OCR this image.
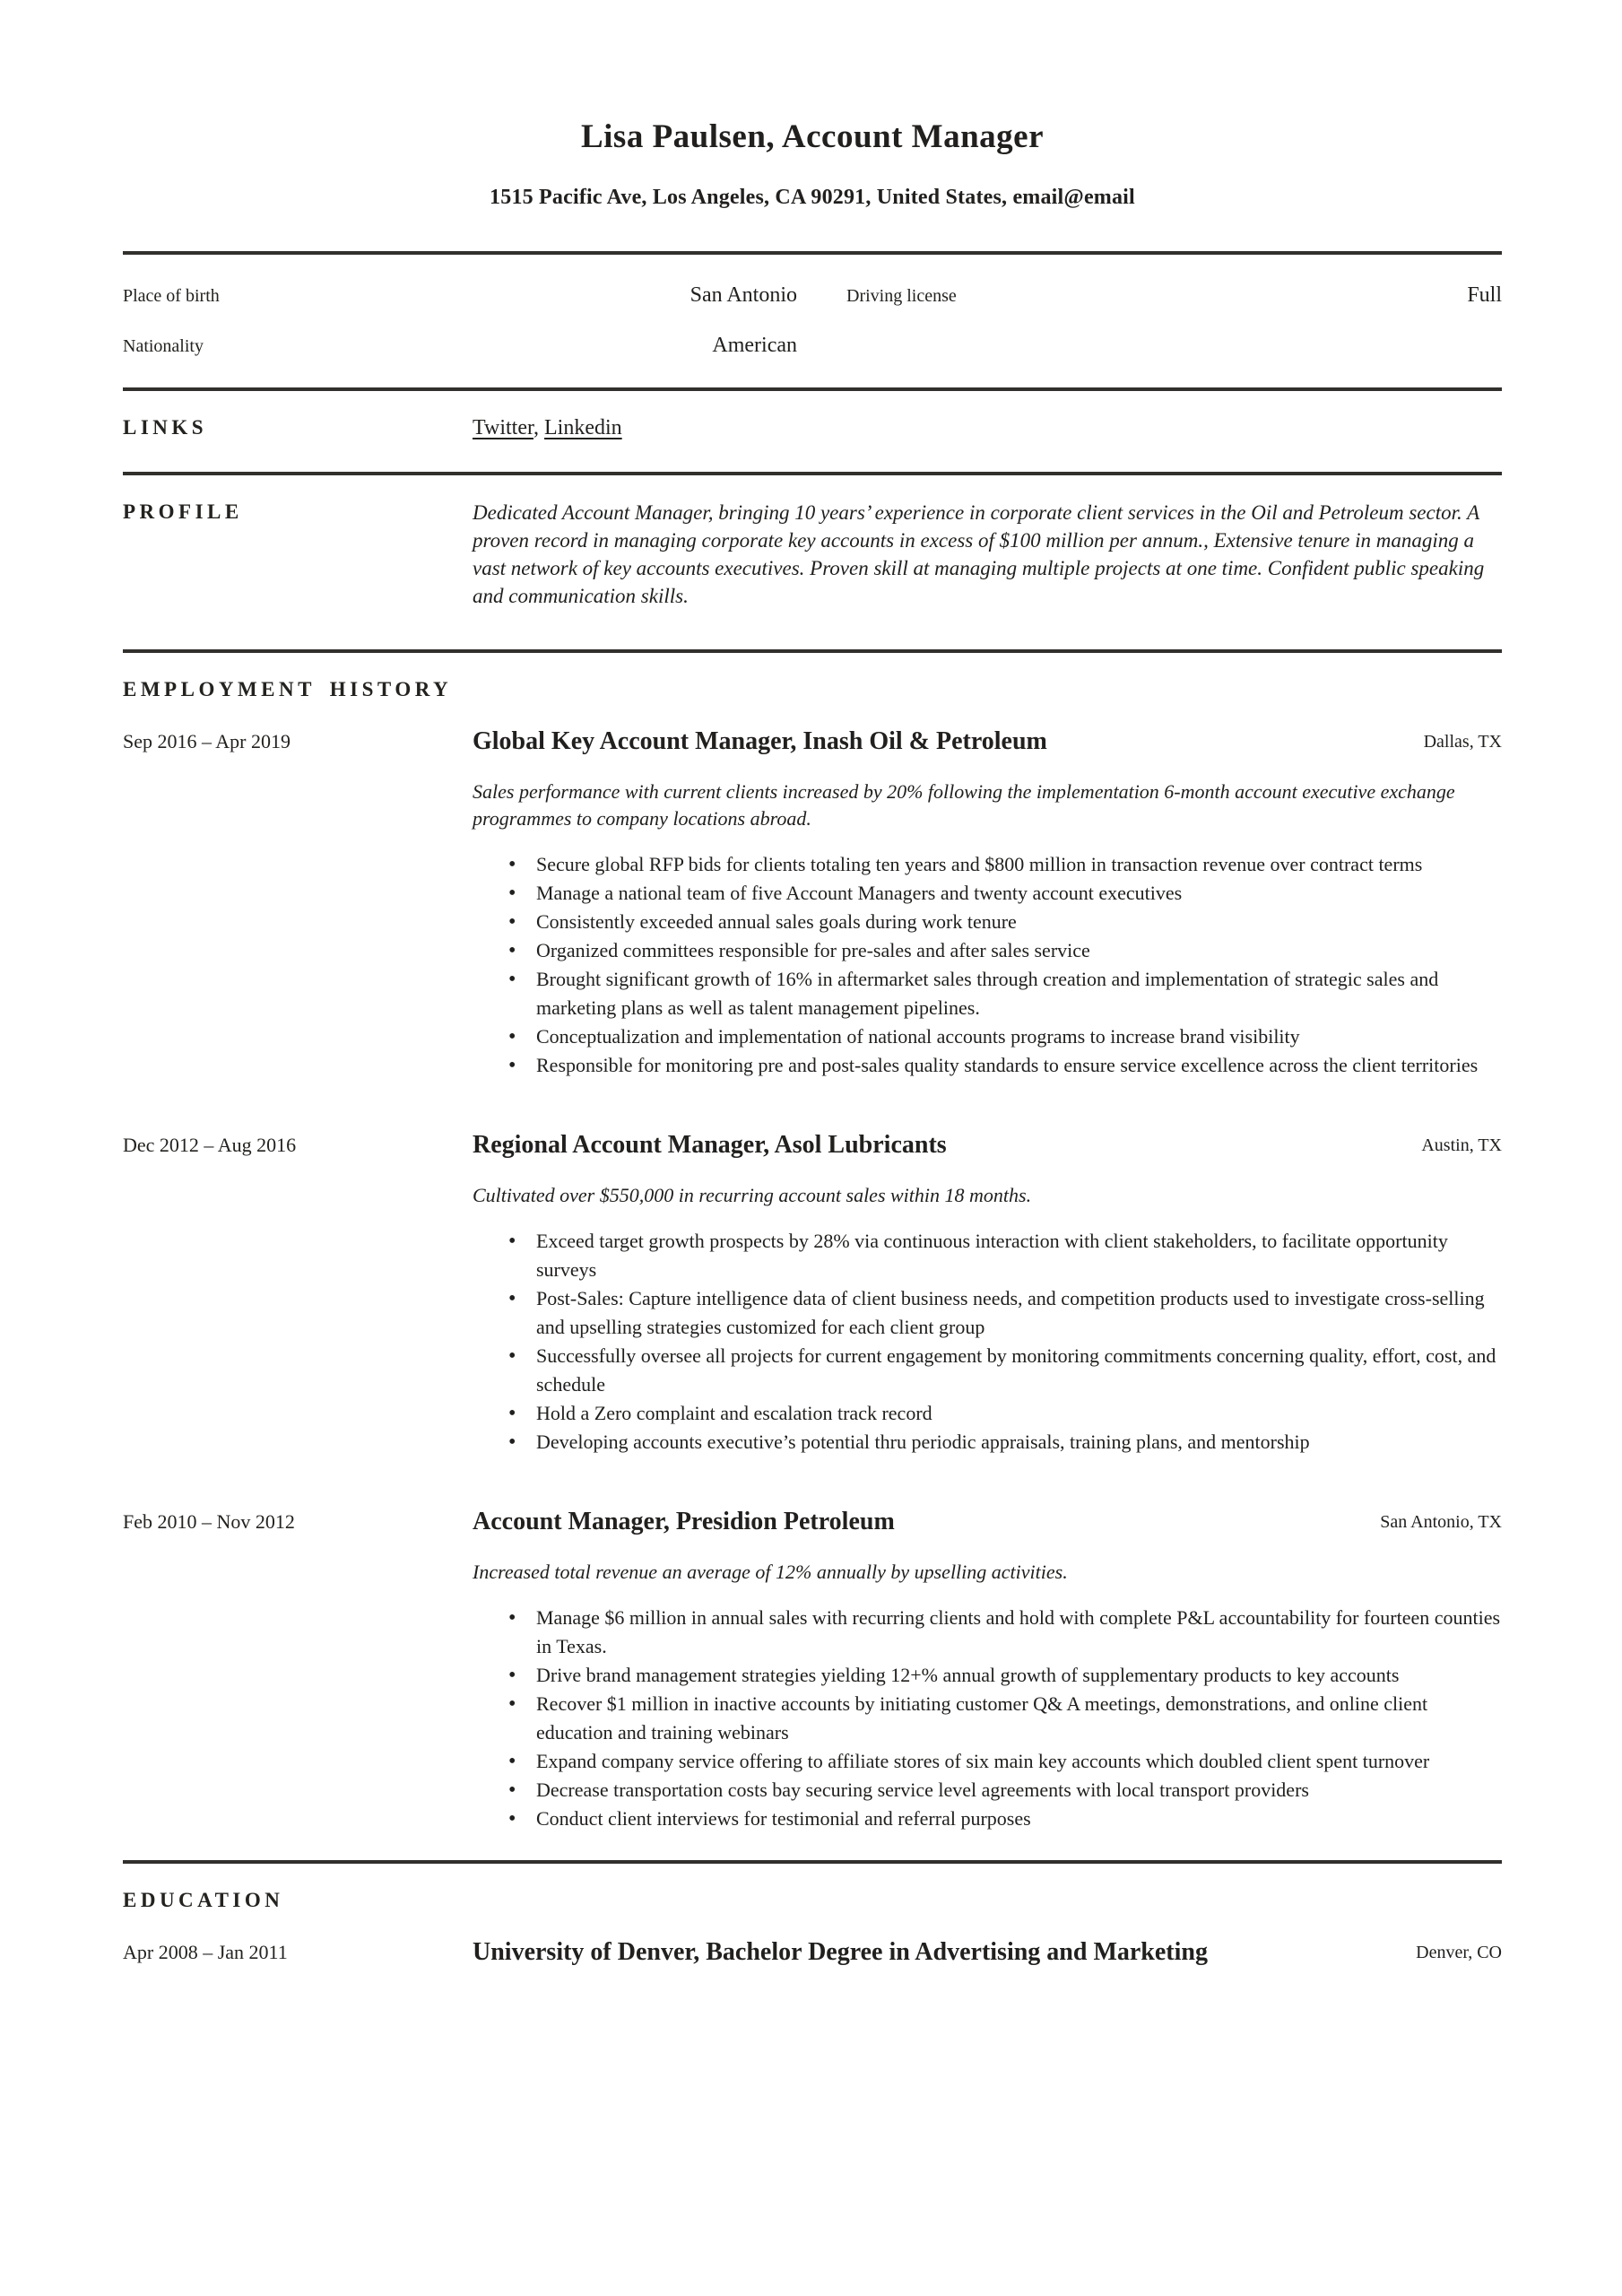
Lisa Paulsen, Account Manager
1515 Pacific Ave, Los Angeles, CA 90291, United States, email@email
Place of birth	San Antonio	Driving license	Full
Nationality	American
LINKS	Twitter, Linkedin
PROFILE	Dedicated Account Manager, bringing 10 years’ experience in corporate client services in the Oil and Petroleum sector. A proven record in managing corporate key accounts in excess of $100 million per annum., Extensive tenure in managing a vast network of key accounts executives. Proven skill at managing multiple projects at one time. Confident public speaking and communication skills.
EMPLOYMENT HISTORY
Sep 2016 – Apr 2019	Global Key Account Manager, Inash Oil & Petroleum	Dallas, TX
Sales performance with current clients increased by 20% following the implementation 6-month account executive exchange programmes to company locations abroad.
• Secure global RFP bids for clients totaling ten years and $800 million in transaction revenue over contract terms
• Manage a national team of five Account Managers and twenty account executives
• Consistently exceeded annual sales goals during work tenure
• Organized committees responsible for pre-sales and after sales service
• Brought significant growth of 16% in aftermarket sales through creation and implementation of strategic sales and marketing plans as well as talent management pipelines.
• Conceptualization and implementation of national accounts programs to increase brand visibility
• Responsible for monitoring pre and post-sales quality standards to ensure service excellence across the client territories
Dec 2012 – Aug 2016	Regional Account Manager, Asol Lubricants	Austin, TX
Cultivated over $550,000 in recurring account sales within 18 months.
• Exceed target growth prospects by 28% via continuous interaction with client stakeholders, to facilitate opportunity surveys
• Post-Sales: Capture intelligence data of client business needs, and competition products used to investigate cross-selling and upselling strategies customized for each client group
• Successfully oversee all projects for current engagement by monitoring commitments concerning quality, effort, cost, and schedule
• Hold a Zero complaint and escalation track record
• Developing accounts executive’s potential thru periodic appraisals, training plans, and mentorship
Feb 2010 – Nov 2012	Account Manager, Presidion Petroleum	San Antonio, TX
Increased total revenue an average of 12% annually by upselling activities.
• Manage $6 million in annual sales with recurring clients and hold with complete P&L accountability for fourteen counties in Texas.
• Drive brand management strategies yielding 12+% annual growth of supplementary products to key accounts
• Recover $1 million in inactive accounts by initiating customer Q& A meetings, demonstrations, and online client education and training webinars
• Expand company service offering to affiliate stores of six main key accounts which doubled client spent turnover
• Decrease transportation costs bay securing service level agreements with local transport providers
• Conduct client interviews for testimonial and referral purposes
EDUCATION
Apr 2008 – Jan 2011	University of Denver, Bachelor Degree in Advertising and Marketing	Denver, CO
